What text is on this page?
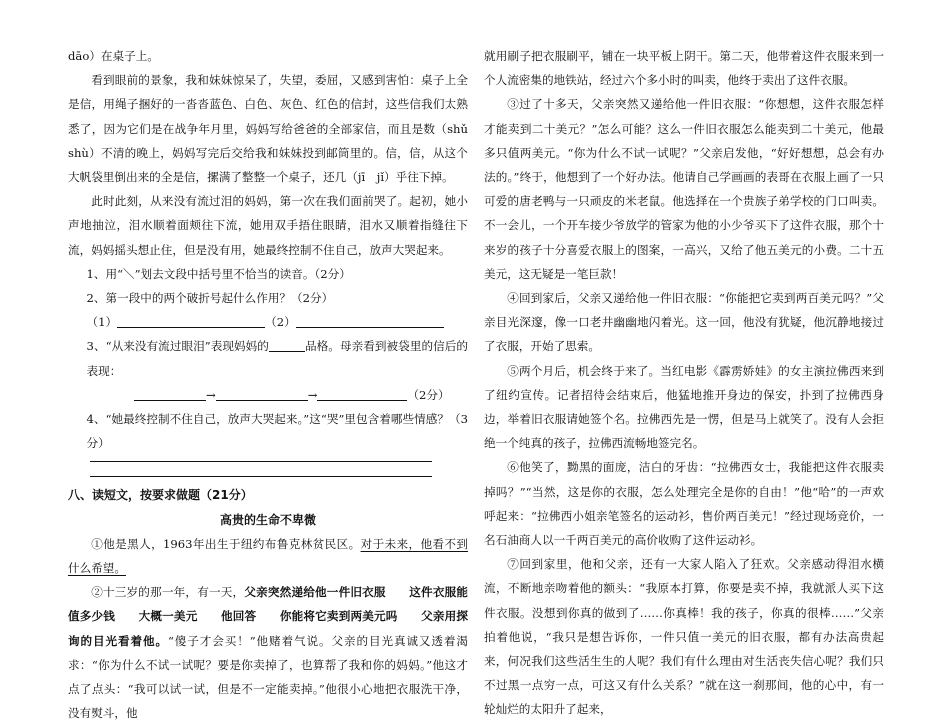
dāo）在桌子上。

看到眼前的景象，我和妹妹惊呆了，失望，委屈，又感到害怕：桌子上全是信，用绳子捆好的一沓沓蓝色、白色、灰色、红色的信封，这些信我们太熟悉了，因为它们是在战争年月里，妈妈写给爸爸的全部家信，而且是数（shǔ　shù）不清的晚上，妈妈写完后交给我和妹妹投到邮筒里的。信，信，从这个大帆袋里倒出来的全是信，摞满了整整一个桌子，还几（jī　jǐ）乎往下掉。

此时此刻，从来没有流过泪的妈妈，第一次在我们面前哭了。起初，她小声地抽泣，泪水顺着面颊往下流，她用双手捂住眼睛，泪水又顺着指缝往下流，妈妈摇头想止住，但是没有用，她最终控制不住自己，放声大哭起来。

1、用“＼”划去文段中括号里不恰当的读音。（2分）

2、第一段中的两个破折号起什么作用？（2分）

（1）	（2）

3、“从来没有流过眼泪”表现妈妈的	品格。母亲看到被袋里的信后的表现：

→	→	（2分）

4、“她最终控制不住自己，放声大哭起来。”这“哭”里包含着哪些情感？（3分）

八、读短文，按要求做题（21分）

高贵的生命不卑微

①他是黑人，1963年出生于纽约布鲁克林贫民区。对于未来，他看不到什么希望。

②十三岁的那一年，有一天，父亲突然递给他一件旧衣服　　这件衣服能值多少钱　　大概一美元　　他回答　　你能将它卖到两美元吗　　父亲用探询的目光看着他。“傻子才会买！”他赌着气说。父亲的目光真诚又透着渴求：“你为什么不试一试呢？要是你卖掉了，也算帮了我和你的妈妈。”他这才点了点头：“我可以试一试，但是不一定能卖掉。”他很小心地把衣服洗干净，没有熨斗，他

就用刷子把衣服刷平，铺在一块平板上阴干。第二天，他带着这件衣服来到一个人流密集的地铁站，经过六个多小时的叫卖，他终于卖出了这件衣服。

③过了十多天，父亲突然又递给他一件旧衣服：“你想想，这件衣服怎样才能卖到二十美元？”怎么可能？这么一件旧衣服怎么能卖到二十美元，他最多只值两美元。“你为什么不试一试呢？”父亲启发他，“好好想想，总会有办法的。”终于，他想到了一个好办法。他请自己学画画的表哥在衣服上画了一只可爱的唐老鸭与一只顽皮的米老鼠。他选择在一个贵族子弟学校的门口叫卖。不一会儿，一个开车接少爷放学的管家为他的小少爷买下了这件衣服，那个十来岁的孩子十分喜爱衣服上的图案，一高兴，又给了他五美元的小费。二十五美元，这无疑是一笔巨款！

④回到家后，父亲又递给他一件旧衣服：“你能把它卖到两百美元吗？”父亲目光深邃，像一口老井幽幽地闪着光。这一回，他没有犹疑，他沉静地接过了衣服，开始了思索。

⑤两个月后，机会终于来了。当红电影《霹雳娇娃》的女主演拉佛西来到了纽约宣传。记者招待会结束后，他猛地推开身边的保安，扑到了拉佛西身边，举着旧衣服请她签个名。拉佛西先是一愣，但是马上就笑了。没有人会拒绝一个纯真的孩子，拉佛西流畅地签完名。

⑥他笑了，黝黑的面庞，洁白的牙齿：“拉佛西女士，我能把这件衣服卖掉吗？”“当然，这是你的衣服，怎么处理完全是你的自由！”他“哈”的一声欢呼起来：“拉佛西小姐亲笔签名的运动衫，售价两百美元！”经过现场竞价，一名石油商人以一千两百美元的高价收购了这件运动衫。

⑦回到家里，他和父亲，还有一大家人陷入了狂欢。父亲感动得泪水横流，不断地亲吻着他的额头：“我原本打算，你要是卖不掉，我就派人买下这件衣服。没想到你真的做到了……你真棒！我的孩子，你真的很棒……”父亲拍着他说，“我只是想告诉你，一件只值一美元的旧衣服，都有办法高贵起来，何况我们这些活生生的人呢？我们有什么理由对生活丧失信心呢？我们只不过黑一点穷一点，可这又有什么关系？”就在这一刹那间，他的心中，有一轮灿烂的太阳升了起来，
